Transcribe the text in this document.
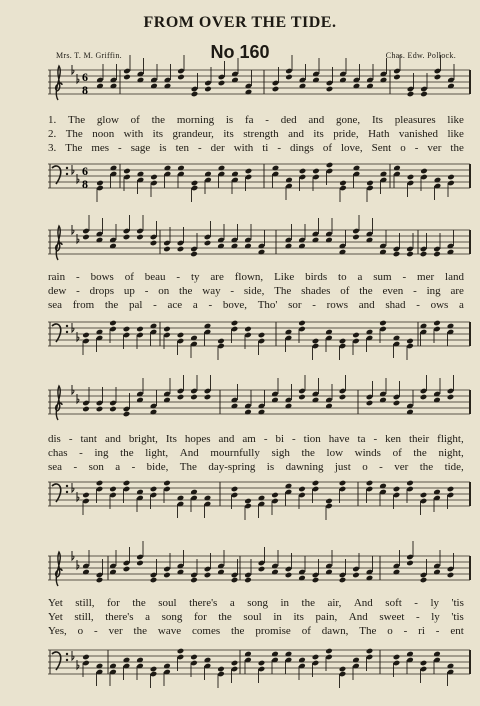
FROM OVER THE TIDE.
Mrs. T. M. Griffin.	No 160	Chas. Edw. Pollock.
6
8
1. The glow of the morning is fa - ded and gone, Its pleasures like
2. The noon with its grandeur, its strength and its pride, Hath vanished like
3. The mes - sage is ten - der with ti - dings of love, Sent o - ver the
6
8
rain - bows of beau - ty are flown, Like birds to a sum - mer land
dew - drops up - on the way - side, The shades of the even - ing are
sea from the pal - ace a - bove, Tho' sor - rows and shad - ows a
dis - tant and bright, Its hopes and am - bi - tion have ta - ken their flight,
chas - ing the light, And mournfully sigh the low winds of the night,
sea - son a - bide, The day-spring is dawning just o - ver the tide,
Yet still, for the soul there's a song in the air, And soft - ly 'tis
Yet still, there's a song for the soul in its pain, And sweet - ly 'tis
Yes, o - ver the wave comes the promise of dawn, The o - ri - ent
